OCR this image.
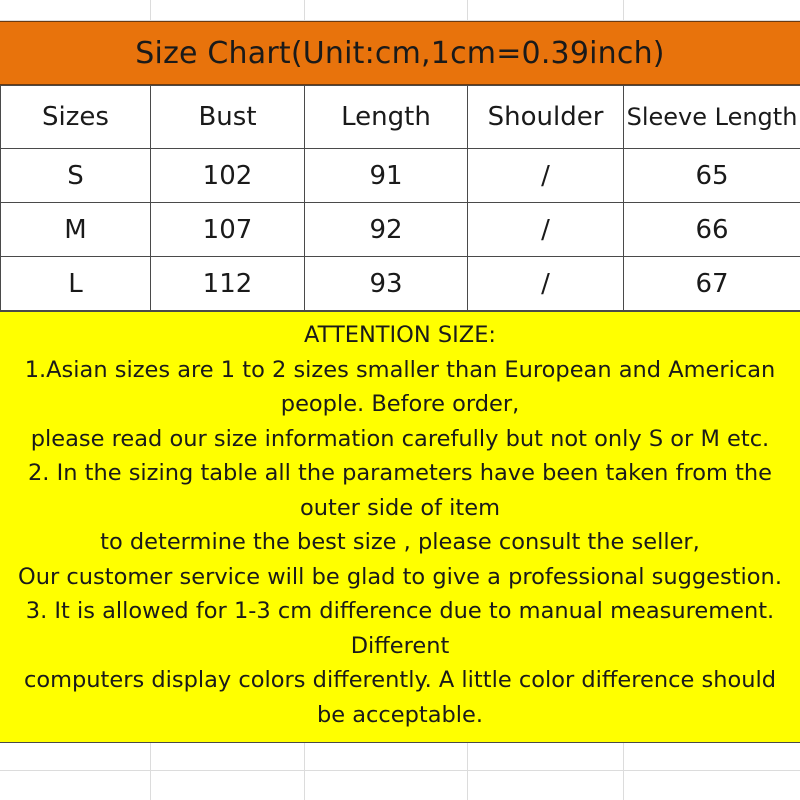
Size Chart(Unit:cm,1cm=0.39inch)
Sizes	Bust	Length	Shoulder	Sleeve Length
S	102	91	/	65
M	107	92	/	66
L	112	93	/	67
ATTENTION SIZE:
1.Asian sizes are 1 to 2 sizes smaller than European and American
people. Before order,
please read our size information carefully but not only S or M etc.
2. In the sizing table all the parameters have been taken from the
outer side of item
to determine the best size , please consult the seller,
Our customer service will be glad to give a professional suggestion.
3. It is allowed for 1-3 cm difference due to manual measurement.
Different
computers display colors differently. A little color difference should
be acceptable.
